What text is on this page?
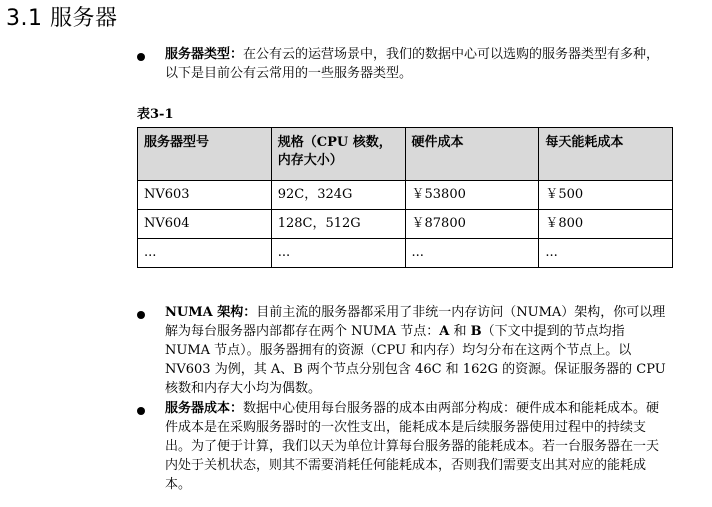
3.1 服务器
服务器类型：在公有云的运营场景中，我们的数据中心可以选购的服务器类型有多种，以下是目前公有云常用的一些服务器类型。
表3-1
服务器型号	规格（CPU 核数，内存大小）	硬件成本	每天能耗成本
NV603	92C，324G	￥53800	￥500
NV604	128C，512G	￥87800	￥800
...	...	...	...
NUMA 架构：目前主流的服务器都采用了非统一内存访问（NUMA）架构，你可以理解为每台服务器内部都存在两个 NUMA 节点：A 和 B（下文中提到的节点均指 NUMA 节点）。服务器拥有的资源（CPU 和内存）均匀分布在这两个节点上。以 NV603 为例，其 A、B 两个节点分别包含 46C 和 162G 的资源。保证服务器的 CPU 核数和内存大小均为偶数。
服务器成本：数据中心使用每台服务器的成本由两部分构成：硬件成本和能耗成本。硬件成本是在采购服务器时的一次性支出，能耗成本是后续服务器使用过程中的持续支出。为了便于计算，我们以天为单位计算每台服务器的能耗成本。若一台服务器在一天内处于关机状态，则其不需要消耗任何能耗成本，否则我们需要支出其对应的能耗成本。
